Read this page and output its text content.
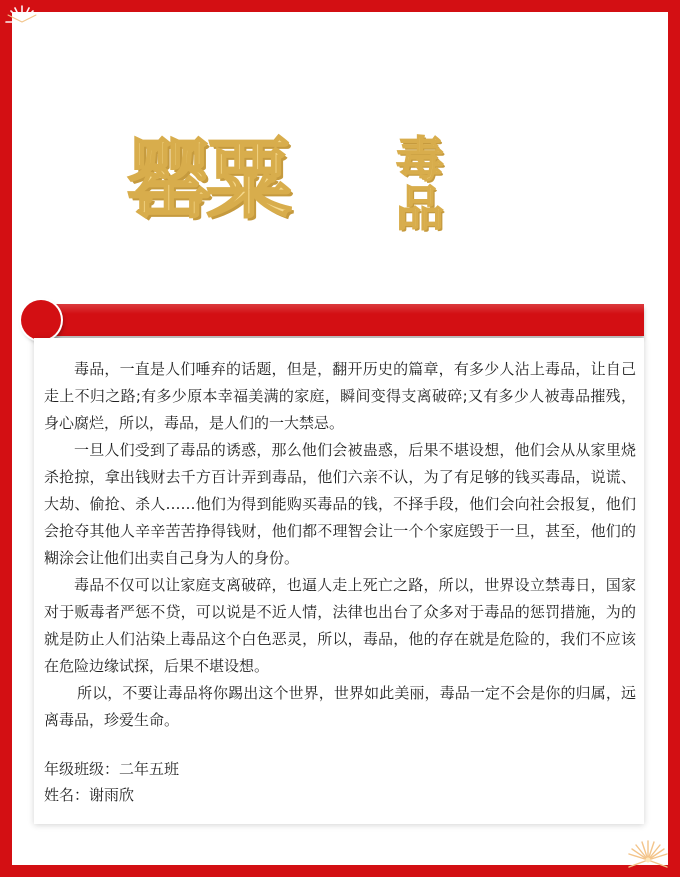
罂粟 毒
品

毒品，一直是人们唾弃的话题，但是，翻开历史的篇章，有多少人沾上毒品，让自己走上不归之路;有多少原本幸福美满的家庭，瞬间变得支离破碎;又有多少人被毒品摧残，身心腐烂，所以，毒品，是人们的一大禁忌。

一旦人们受到了毒品的诱惑，那么他们会被蛊惑，后果不堪设想，他们会从从家里烧杀抢掠，拿出钱财去千方百计弄到毒品，他们六亲不认，为了有足够的钱买毒品，说谎、大劫、偷抢、杀人……他们为得到能购买毒品的钱，不择手段，他们会向社会报复，他们会抢夺其他人辛辛苦苦挣得钱财，他们都不理智会让一个个家庭毁于一旦，甚至，他们的糊涂会让他们出卖自己身为人的身份。

毒品不仅可以让家庭支离破碎，也逼人走上死亡之路，所以，世界设立禁毒日，国家对于贩毒者严惩不贷，可以说是不近人情，法律也出台了众多对于毒品的惩罚措施，为的就是防止人们沾染上毒品这个白色恶灵，所以，毒品，他的存在就是危险的，我们不应该在危险边缘试探，后果不堪设想。

所以，不要让毒品将你踢出这个世界，世界如此美丽，毒品一定不会是你的归属，远离毒品，珍爱生命。

年级班级：二年五班
姓名：谢雨欣
